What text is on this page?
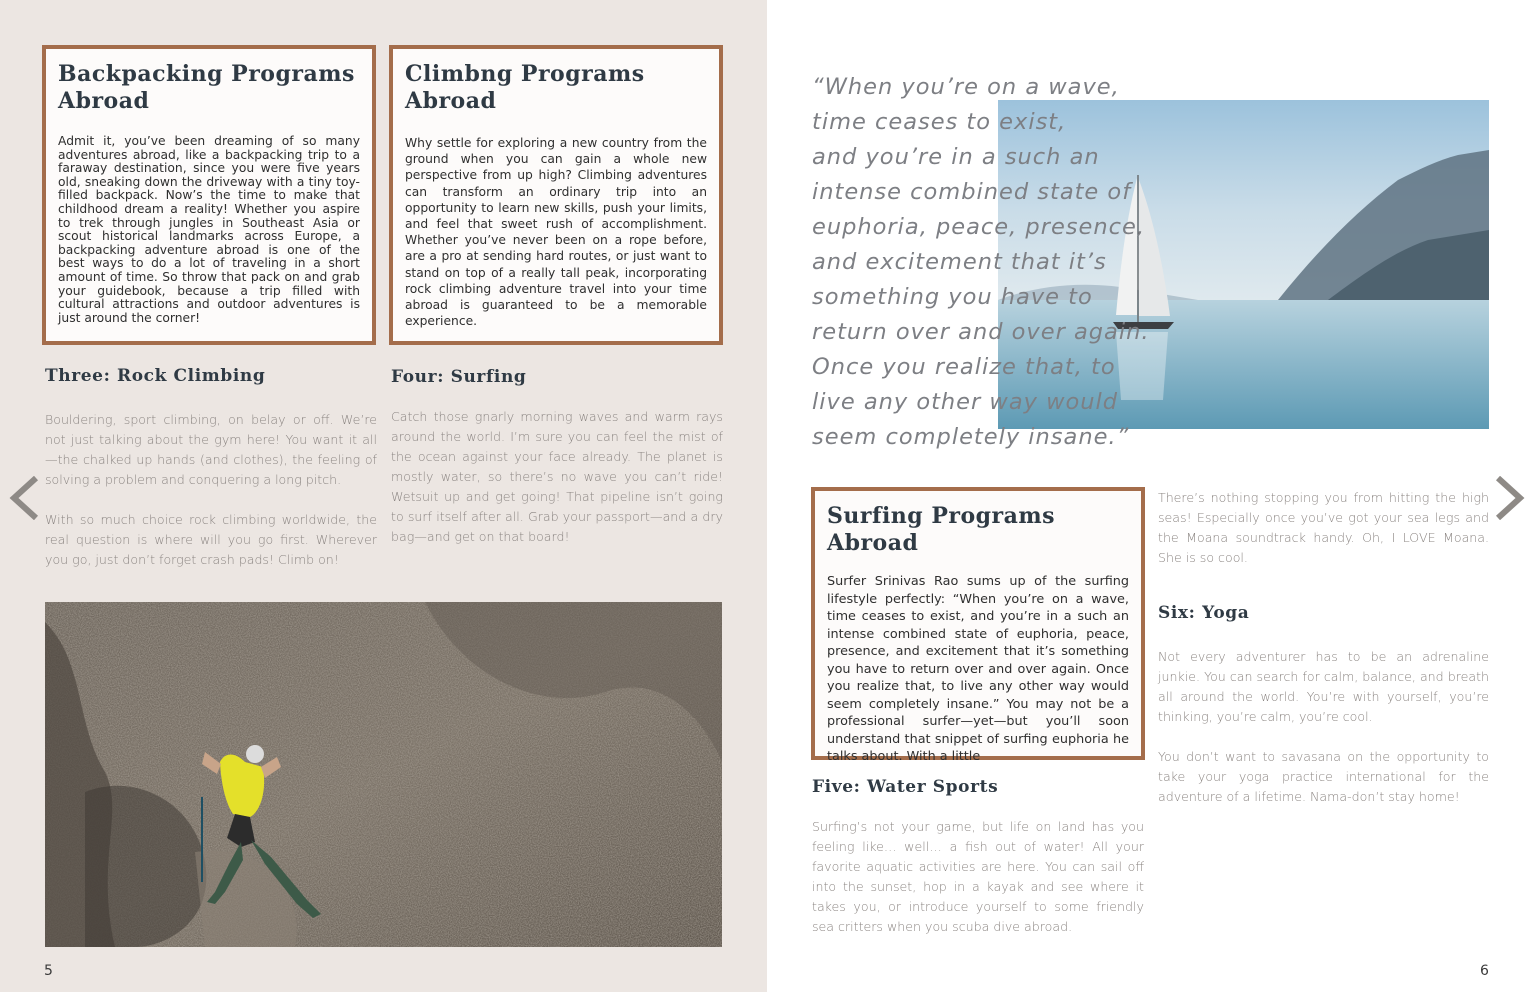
Backpacking Programs Abroad

Admit it, you’ve been dreaming of so many adventures abroad, like a backpacking trip to a faraway destination, since you were five years old, sneaking down the driveway with a tiny toy-filled backpack. Now’s the time to make that childhood dream a reality! Whether you aspire to trek through jungles in Southeast Asia or scout historical landmarks across Europe, a backpacking adventure abroad is one of the best ways to do a lot of traveling in a short amount of time. So throw that pack on and grab your guidebook, because a trip filled with cultural attractions and outdoor adventures is just around the corner!

Climbng Programs Abroad

Why settle for exploring a new country from the ground when you can gain a whole new perspective from up high? Climbing adventures can transform an ordinary trip into an opportunity to learn new skills, push your limits, and feel that sweet rush of accomplishment. Whether you’ve never been on a rope before, are a pro at sending hard routes, or just want to stand on top of a really tall peak, incorporating rock climbing adventure travel into your time abroad is guaranteed to be a memorable experience.

Three: Rock Climbing

Bouldering, sport climbing, on belay or off. We’re not just talking about the gym here! You want it all—the chalked up hands (and clothes), the feeling of solving a problem and conquering a long pitch.

With so much choice rock climbing worldwide, the real question is where will you go first. Wherever you go, just don’t forget crash pads! Climb on!

Four: Surfing

Catch those gnarly morning waves and warm rays around the world. I’m sure you can feel the mist of the ocean against your face already. The planet is mostly water, so there’s no wave you can’t ride! Wetsuit up and get going! That pipeline isn’t going to surf itself after all. Grab your passport—and a dry bag—and get on that board!

5
“When you’re on a wave,
time ceases to exist,
and you’re in a such an
intense combined state of
euphoria, peace, presence,
and excitement that it’s
something you have to
return over and over again.
Once you realize that, to
live any other way would
seem completely insane.”
Surfing Programs Abroad

Surfer Srinivas Rao sums up of the surfing lifestyle perfectly: “When you’re on a wave, time ceases to exist, and you’re in a such an intense combined state of euphoria, peace, presence, and excitement that it’s something you have to return over and over again. Once you realize that, to live any other way would seem completely insane.” You may not be a professional surfer—yet—but you’ll soon understand that snippet of surfing euphoria he talks about. With a little

Five: Water Sports

Surfing’s not your game, but life on land has you feeling like… well… a fish out of water! All your favorite aquatic activities are here. You can sail off into the sunset, hop in a kayak and see where it takes you, or introduce yourself to some friendly sea critters when you scuba dive abroad.

There’s nothing stopping you from hitting the high seas! Especially once you’ve got your sea legs and the Moana soundtrack handy. Oh, I LOVE Moana. She is so cool.

Six: Yoga

Not every adventurer has to be an adrenaline junkie. You can search for calm, balance, and breath all around the world. You’re with yourself, you’re thinking, you’re calm, you’re cool.

You don’t want to savasana on the opportunity to take your yoga practice international for the adventure of a lifetime. Nama-don’t stay home!

6
